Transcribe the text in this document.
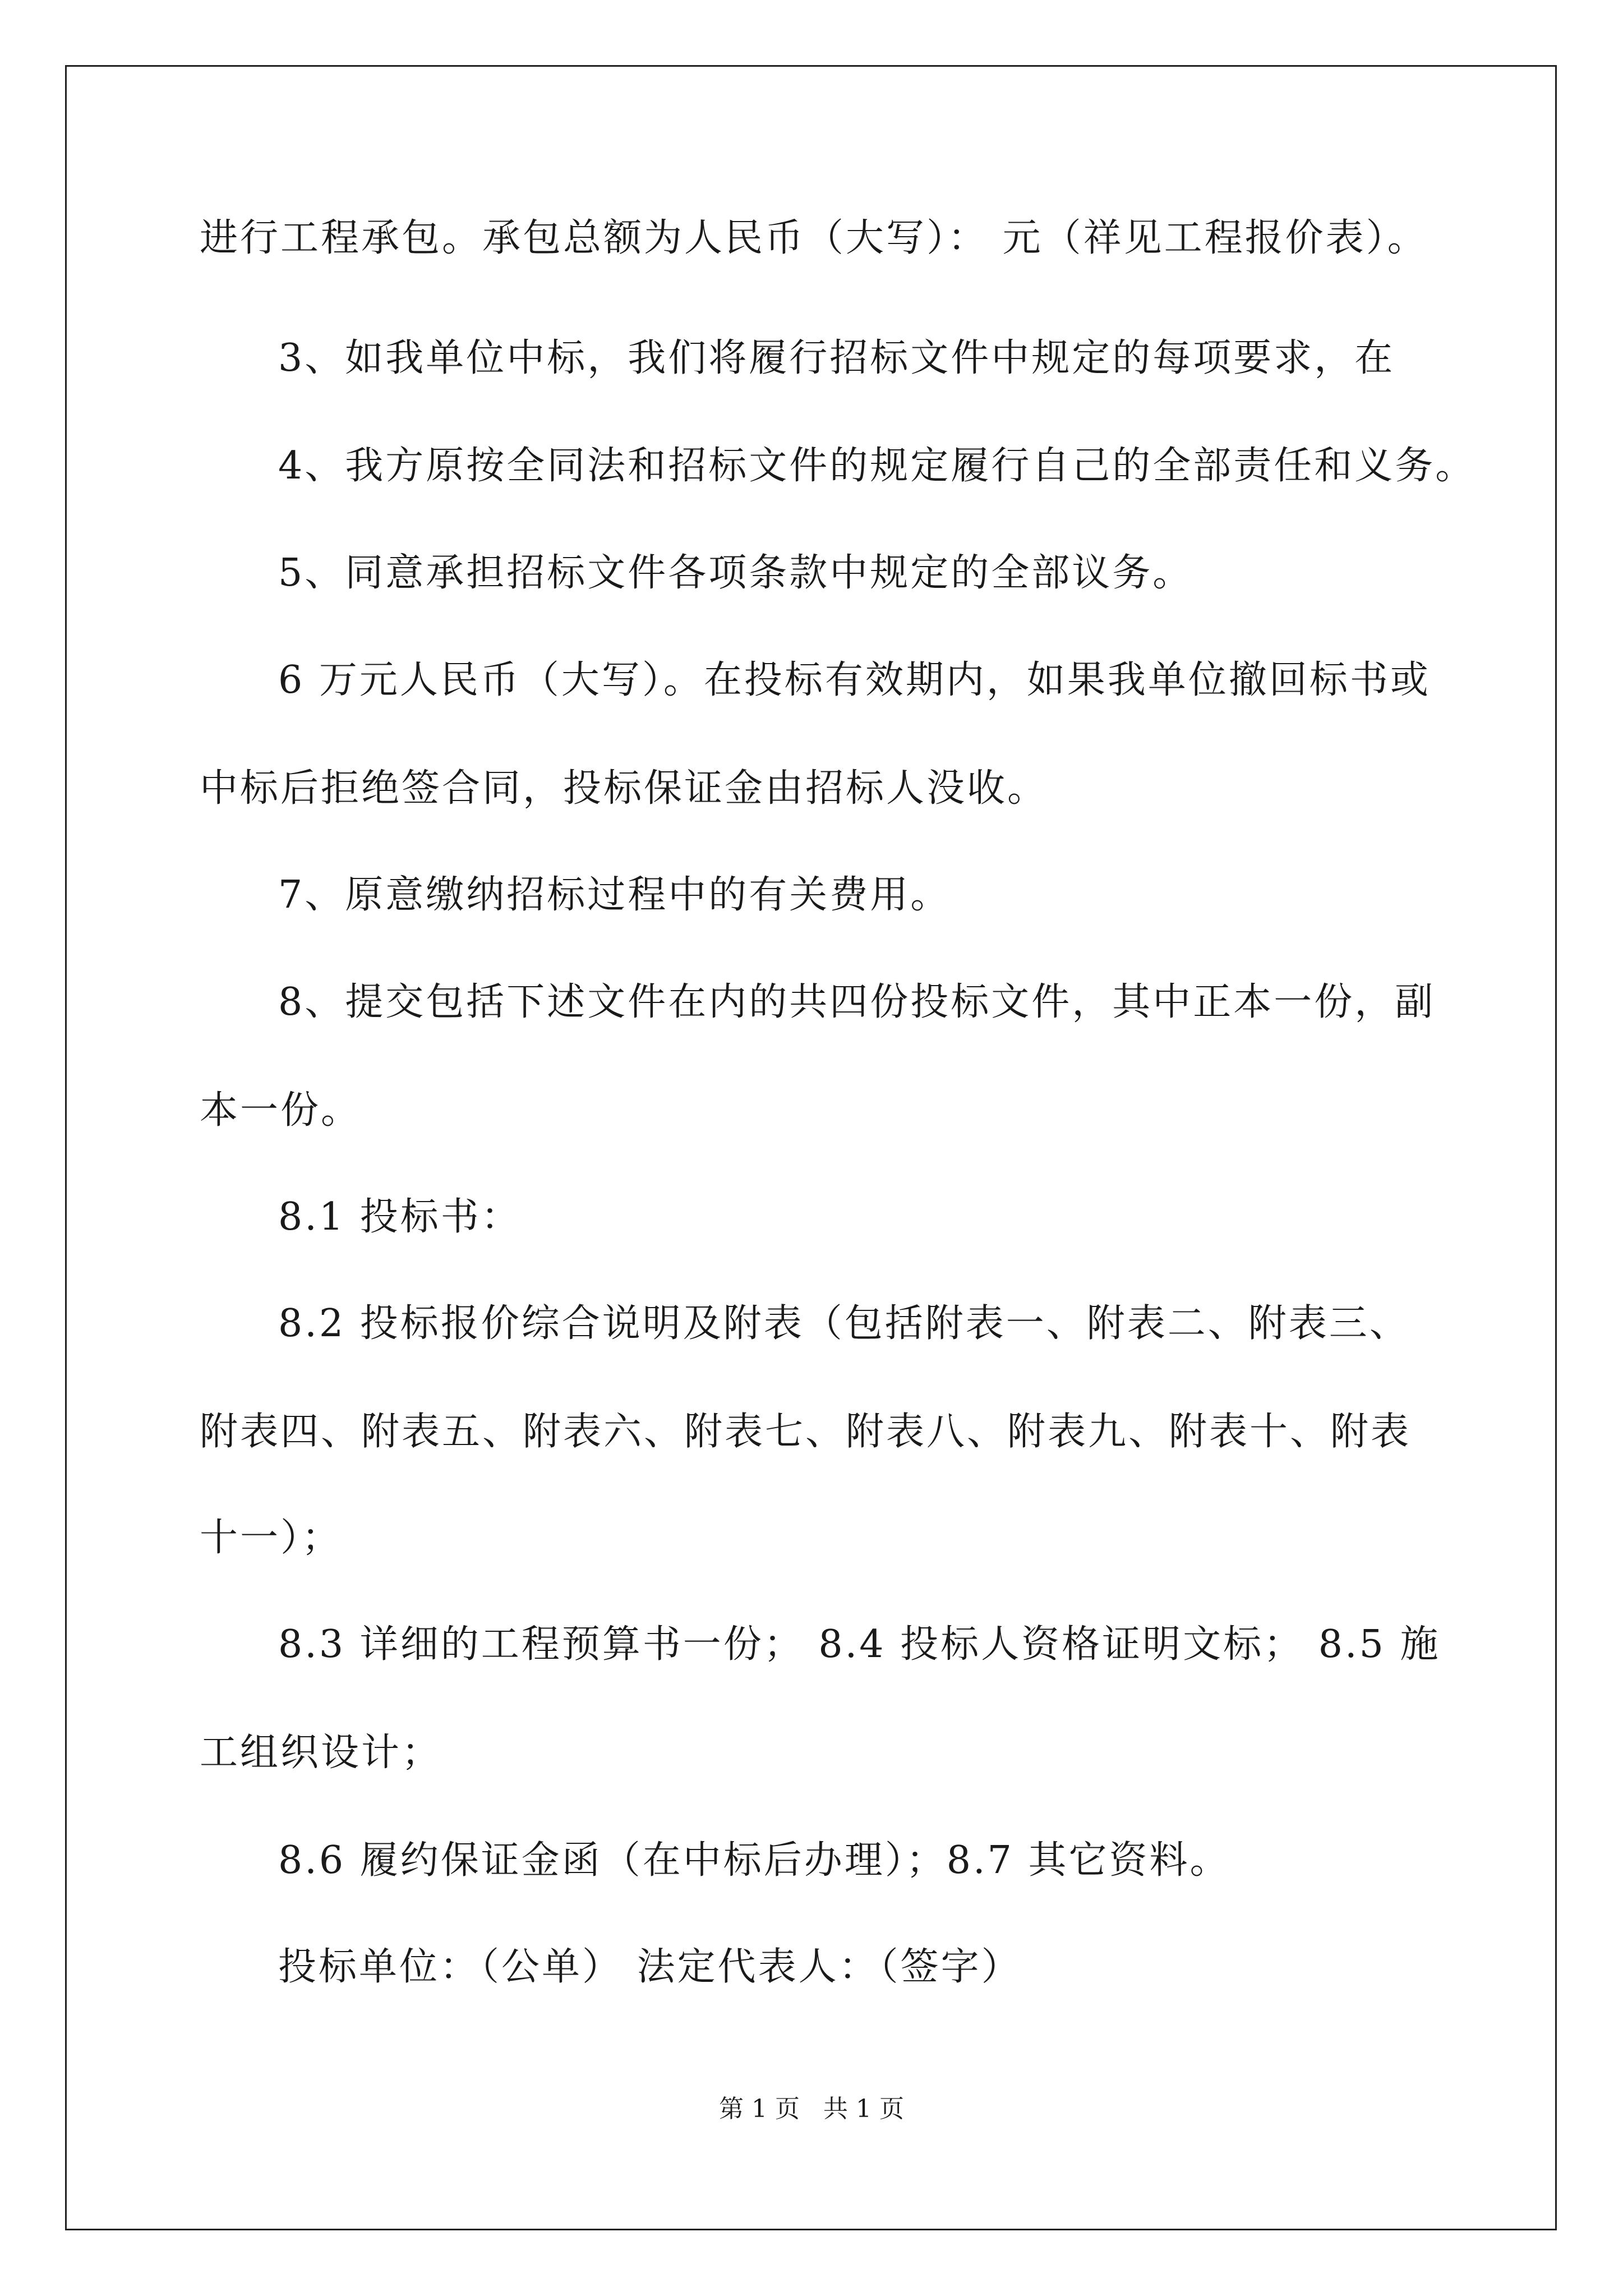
进行工程承包。承包总额为人民币（大写）： 元（祥见工程报价表）。
3、如我单位中标，我们将履行招标文件中规定的每项要求，在
4、我方原按全同法和招标文件的规定履行自己的全部责任和义务。
5、同意承担招标文件各项条款中规定的全部议务。
6 万元人民币（大写）。在投标有效期内，如果我单位撤回标书或
中标后拒绝签合同，投标保证金由招标人没收。
7、原意缴纳招标过程中的有关费用。
8、提交包括下述文件在内的共四份投标文件，其中正本一份，副
本一份。
8.1 投标书：
8.2 投标报价综合说明及附表（包括附表一、附表二、附表三、
附表四、附表五、附表六、附表七、附表八、附表九、附表十、附表
十一）；
8.3 详细的工程预算书一份； 8.4 投标人资格证明文标； 8.5 施
工组织设计；
8.6 履约保证金函（在中标后办理）；8.7 其它资料。
投标单位：（公单） 法定代表人：（签字）
第 1 页   共 1 页
